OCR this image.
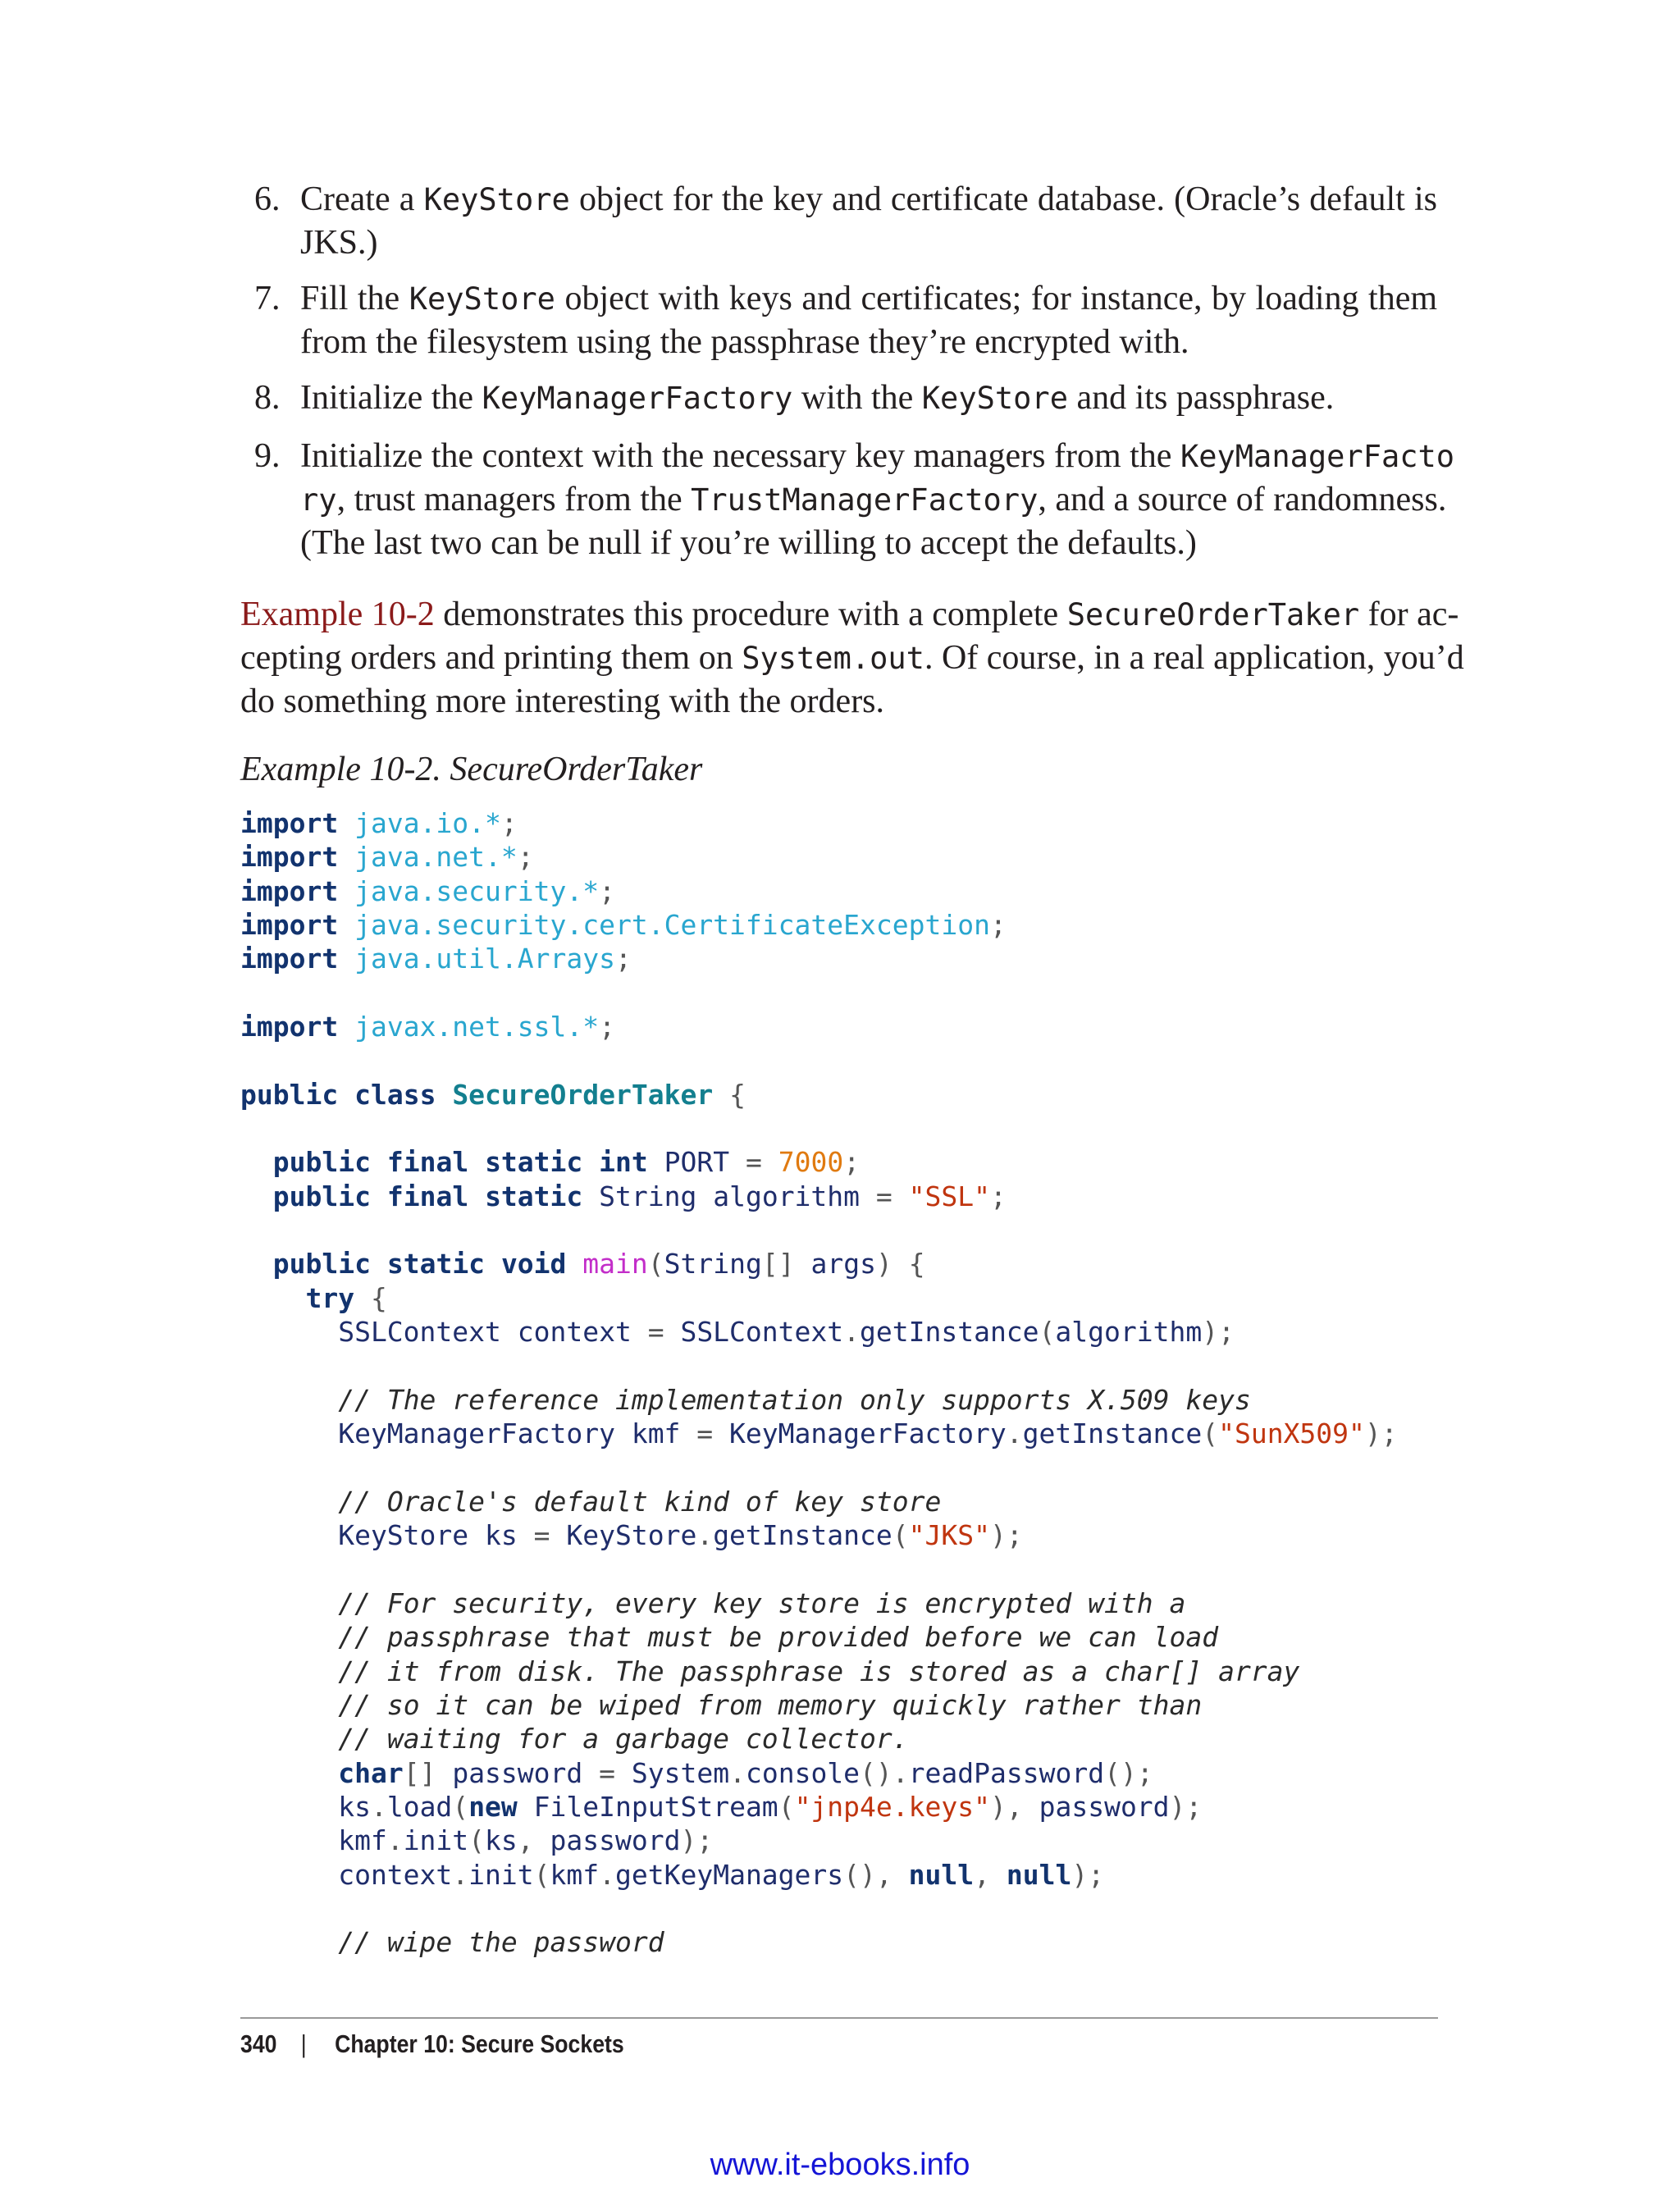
6. Create a KeyStore object for the key and certificate database. (Oracle’s default is
JKS.)
7. Fill the KeyStore object with keys and certificates; for instance, by loading them
from the filesystem using the passphrase they’re encrypted with.
8. Initialize the KeyManagerFactory with the KeyStore and its passphrase.
9. Initialize the context with the necessary key managers from the KeyManagerFacto
ry, trust managers from the TrustManagerFactory, and a source of randomness.
(The last two can be null if you’re willing to accept the defaults.)
Example 10-2 demonstrates this procedure with a complete SecureOrderTaker for ac-
cepting orders and printing them on System.out. Of course, in a real application, you’d
do something more interesting with the orders.
Example 10-2. SecureOrderTaker
import java.io.*;
import java.net.*;
import java.security.*;
import java.security.cert.CertificateException;
import java.util.Arrays;
import javax.net.ssl.*;
public class SecureOrderTaker {
public final static int PORT = 7000;
public final static String algorithm = "SSL";
public static void main(String[] args) {
try {
SSLContext context = SSLContext.getInstance(algorithm);
// The reference implementation only supports X.509 keys
KeyManagerFactory kmf = KeyManagerFactory.getInstance("SunX509");
// Oracle's default kind of key store
KeyStore ks = KeyStore.getInstance("JKS");
// For security, every key store is encrypted with a
// passphrase that must be provided before we can load
// it from disk. The passphrase is stored as a char[] array
// so it can be wiped from memory quickly rather than
// waiting for a garbage collector.
char[] password = System.console().readPassword();
ks.load(new FileInputStream("jnp4e.keys"), password);
kmf.init(ks, password);
context.init(kmf.getKeyManagers(), null, null);
// wipe the password
340 | Chapter 10: Secure Sockets
www.it-ebooks.info
